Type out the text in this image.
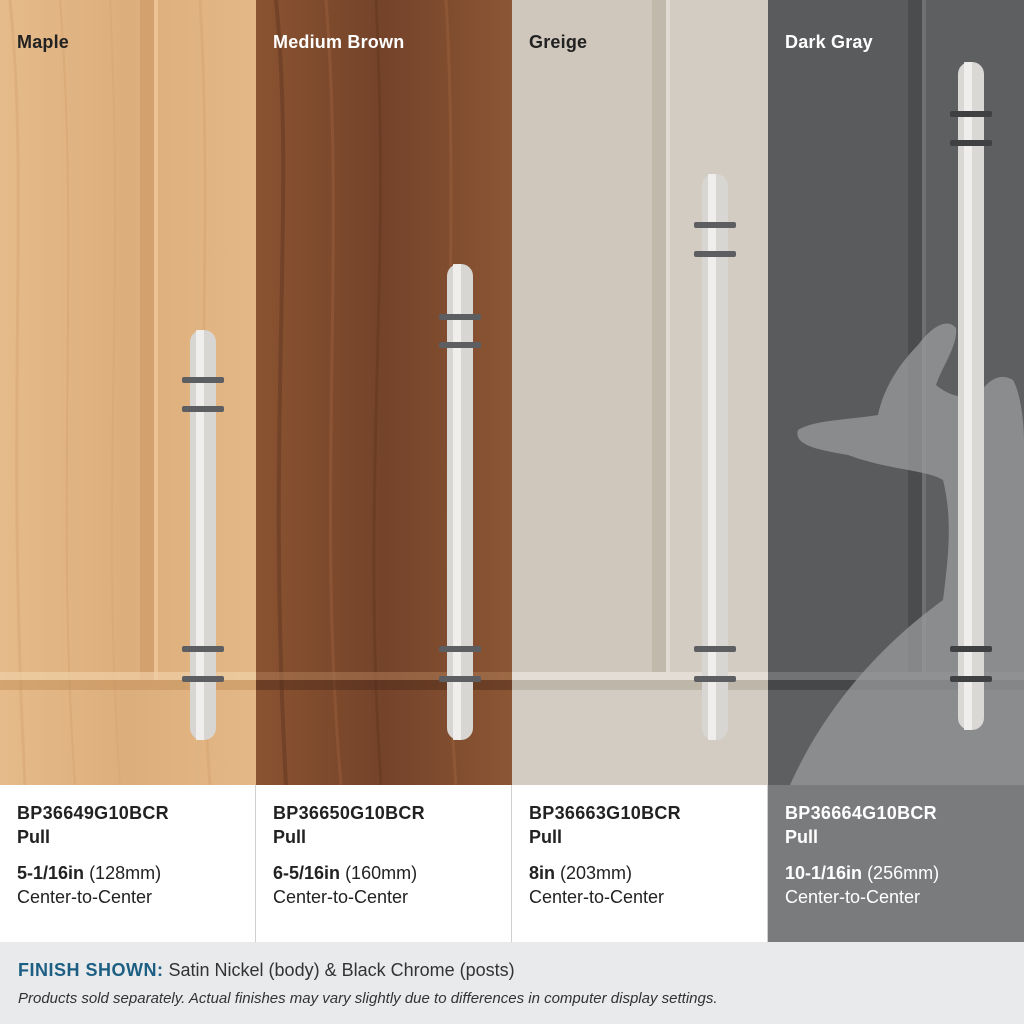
Maple
BP36649G10BCR
Pull
5-1/16in (128mm)
Center-to-Center
Medium Brown
BP36650G10BCR
Pull
6-5/16in (160mm)
Center-to-Center
Greige
BP36663G10BCR
Pull
8in (203mm)
Center-to-Center
Dark Gray
BP36664G10BCR
Pull
10-1/16in (256mm)
Center-to-Center
FINISH SHOWN: Satin Nickel (body) & Black Chrome (posts)
Products sold separately. Actual finishes may vary slightly due to differences in computer display settings.
